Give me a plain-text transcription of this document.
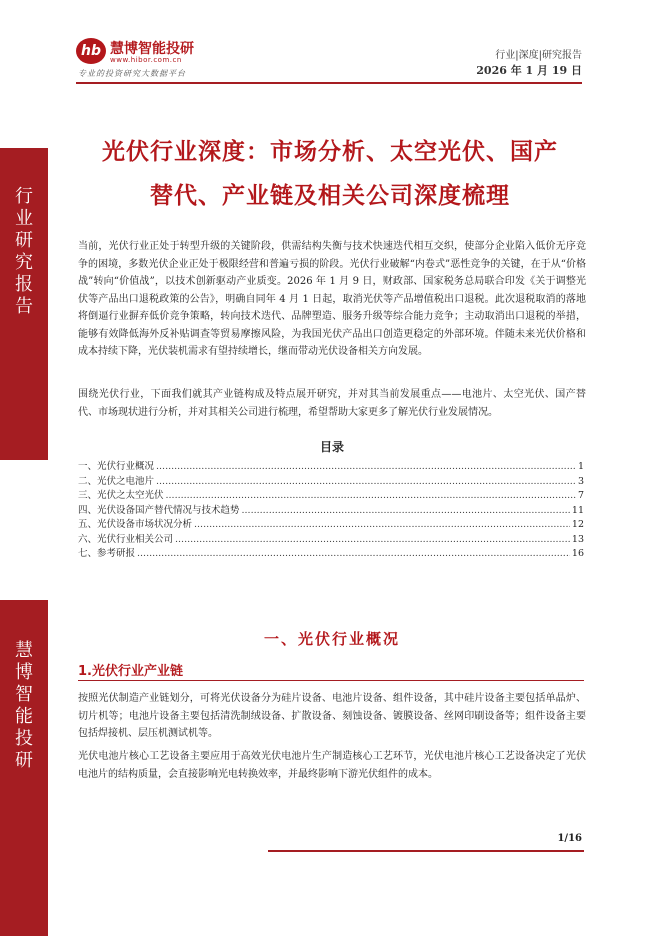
行
业
研
究
报
告
慧
博
智
能
投
研
hb 慧博智能投研
www.hibor.com.cn
专业的投资研究大数据平台
行业|深度|研究报告
2026 年 1 月 19 日
光伏行业深度：市场分析、太空光伏、国产
替代、产业链及相关公司深度梳理
当前，光伏行业正处于转型升级的关键阶段，供需结构失衡与技术快速迭代相互交织，使部分企业陷入低价无序竞争的困境，多数光伏企业正处于极限经营和普遍亏损的阶段。光伏行业破解“内卷式”恶性竞争的关键，在于从“价格战”转向“价值战”，以技术创新驱动产业质变。2026 年 1 月 9 日，财政部、国家税务总局联合印发《关于调整光伏等产品出口退税政策的公告》，明确自同年 4 月 1 日起，取消光伏等产品增值税出口退税。此次退税取消的落地将倒逼行业摒弃低价竞争策略，转向技术迭代、品牌塑造、服务升级等综合能力竞争；主动取消出口退税的举措，能够有效降低海外反补贴调查等贸易摩擦风险，为我国光伏产品出口创造更稳定的外部环境。伴随未来光伏价格和成本持续下降，光伏装机需求有望持续增长，继而带动光伏设备相关方向发展。
围绕光伏行业，下面我们就其产业链构成及特点展开研究，并对其当前发展重点——电池片、太空光伏、国产替代、市场现状进行分析，并对其相关公司进行梳理，希望帮助大家更多了解光伏行业发展情况。
目录
一、光伏行业概况 .....	1
二、光伏之电池片 .....	3
三、光伏之太空光伏 .....	7
四、光伏设备国产替代情况与技术趋势 .....	11
五、光伏设备市场状况分析 .....	12
六、光伏行业相关公司 .....	13
七、参考研报 .....	16
一、光伏行业概况
1.光伏行业产业链
按照光伏制造产业链划分，可将光伏设备分为硅片设备、电池片设备、组件设备，其中硅片设备主要包括单晶炉、切片机等；电池片设备主要包括清洗制绒设备、扩散设备、刻蚀设备、镀膜设备、丝网印刷设备等；组件设备主要包括焊接机、层压机测试机等。
光伏电池片核心工艺设备主要应用于高效光伏电池片生产制造核心工艺环节，光伏电池片核心工艺设备决定了光伏电池片的结构质量，会直接影响光电转换效率，并最终影响下游光伏组件的成本。
1/16
